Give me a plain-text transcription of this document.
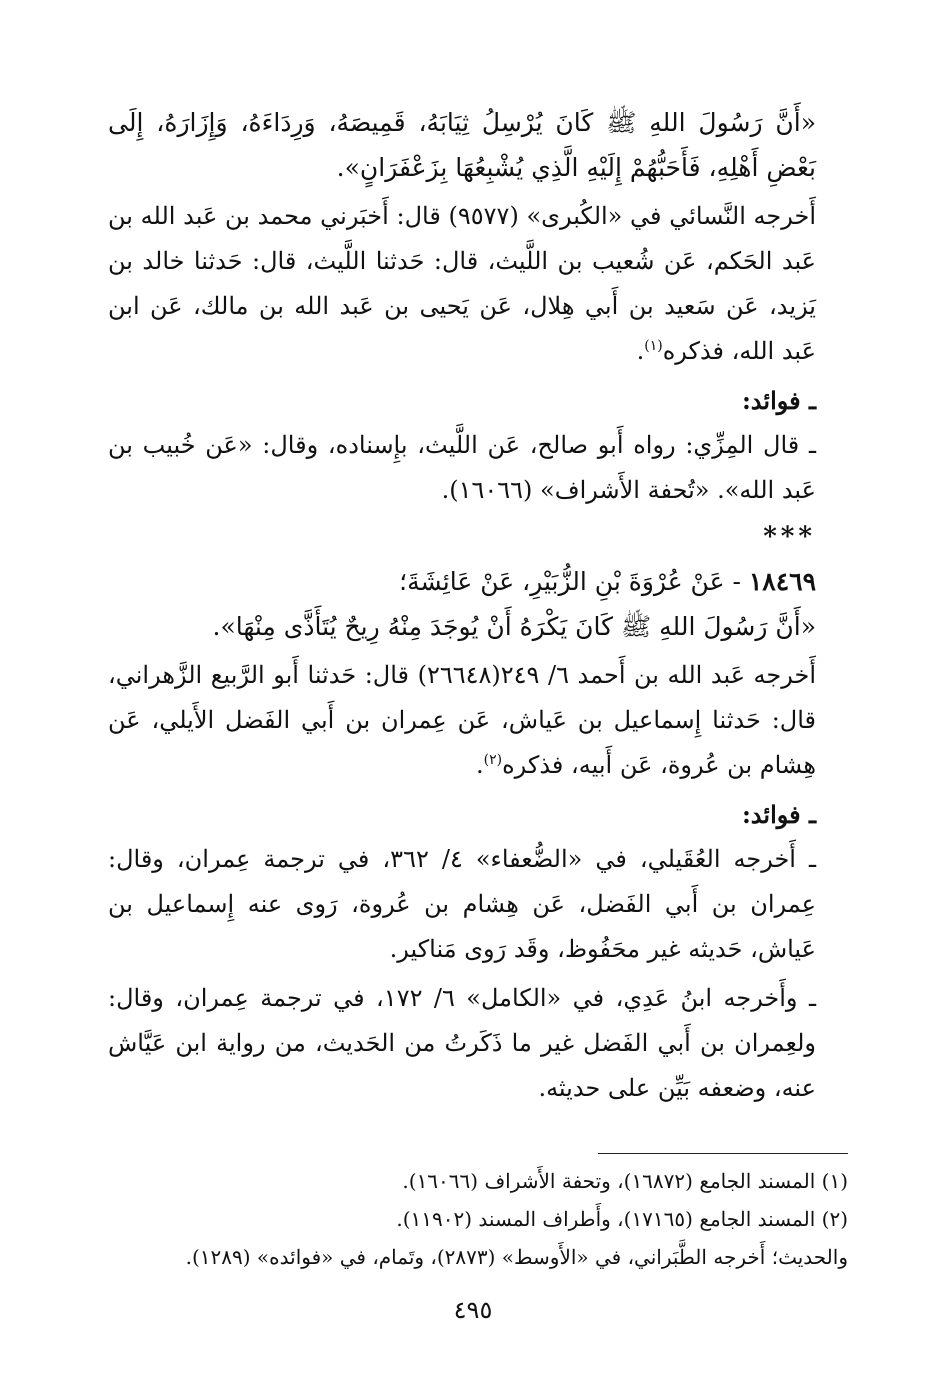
«أَنَّ رَسُولَ اللهِ ﷺ كَانَ يُرْسِلُ ثِيَابَهُ، قَمِيصَهُ، وَرِدَاءَهُ، وَإِزَارَهُ، إِلَى بَعْضِ أَهْلِهِ، فَأَحَبُّهُمْ إِلَيْهِ الَّذِي يُشْبِعُهَا بِزَعْفَرَانٍ».

أَخرجه النَّسائي في «الكُبرى» (٩٥٧٧) قال: أَخبَرني محمد بن عَبد الله بن عَبد الحَكم، عَن شُعيب بن اللَّيث، قال: حَدثنا اللَّيث، قال: حَدثنا خالد بن يَزيد، عَن سَعيد بن أَبي هِلال، عَن يَحيى بن عَبد الله بن مالك، عَن ابن عَبد الله، فذكره$^{(١)}$.

ـ فوائد:

ـ قال المِزِّي: رواه أَبو صالح، عَن اللَّيث، بإِسناده، وقال: «عَن خُبيب بن عَبد الله». «تُحفة الأَشراف» (١٦٠٦٦).

***

١٨٤٦٩ - عَنْ عُرْوَةَ بْنِ الزُّبَيْرِ، عَنْ عَائِشَةَ؛

«أَنَّ رَسُولَ اللهِ ﷺ كَانَ يَكْرَهُ أَنْ يُوجَدَ مِنْهُ رِيحٌ يُتَأَذَّى مِنْهَا».

أَخرجه عَبد الله بن أَحمد ٦/ ٢٤٩(٢٦٦٤٨) قال: حَدثنا أَبو الرَّبيع الزَّهراني، قال: حَدثنا إِسماعيل بن عَياش، عَن عِمران بن أَبي الفَضل الأَيلي، عَن هِشام بن عُروة، عَن أَبيه، فذكره$^{(٢)}$.

ـ فوائد:

ـ أَخرجه العُقَيلي، في «الضُّعفاء» ٤/ ٣٦٢، في ترجمة عِمران، وقال: عِمران بن أَبي الفَضل، عَن هِشام بن عُروة، رَوى عنه إِسماعيل بن عَياش، حَديثه غير محَفُوظ، وقَد رَوى مَناكير.

ـ وأَخرجه ابنُ عَدِي، في «الكامل» ٦/ ١٧٢، في ترجمة عِمران، وقال: ولعِمران بن أَبي الفَضل غير ما ذَكَرتُ من الحَديث، من رواية ابن عَيَّاش عنه، وضعفه بَيِّن على حديثه.

(١) المسند الجامع (١٦٨٧٢)، وتحفة الأَشراف (١٦٠٦٦).

(٢) المسند الجامع (١٧١٦٥)، وأَطراف المسند (١١٩٠٢).

والحديث؛ أَخرجه الطَّبَراني، في «الأَوسط» (٢٨٧٣)، وتَمام، في «فوائده» (١٢٨٩).

٤٩٥
